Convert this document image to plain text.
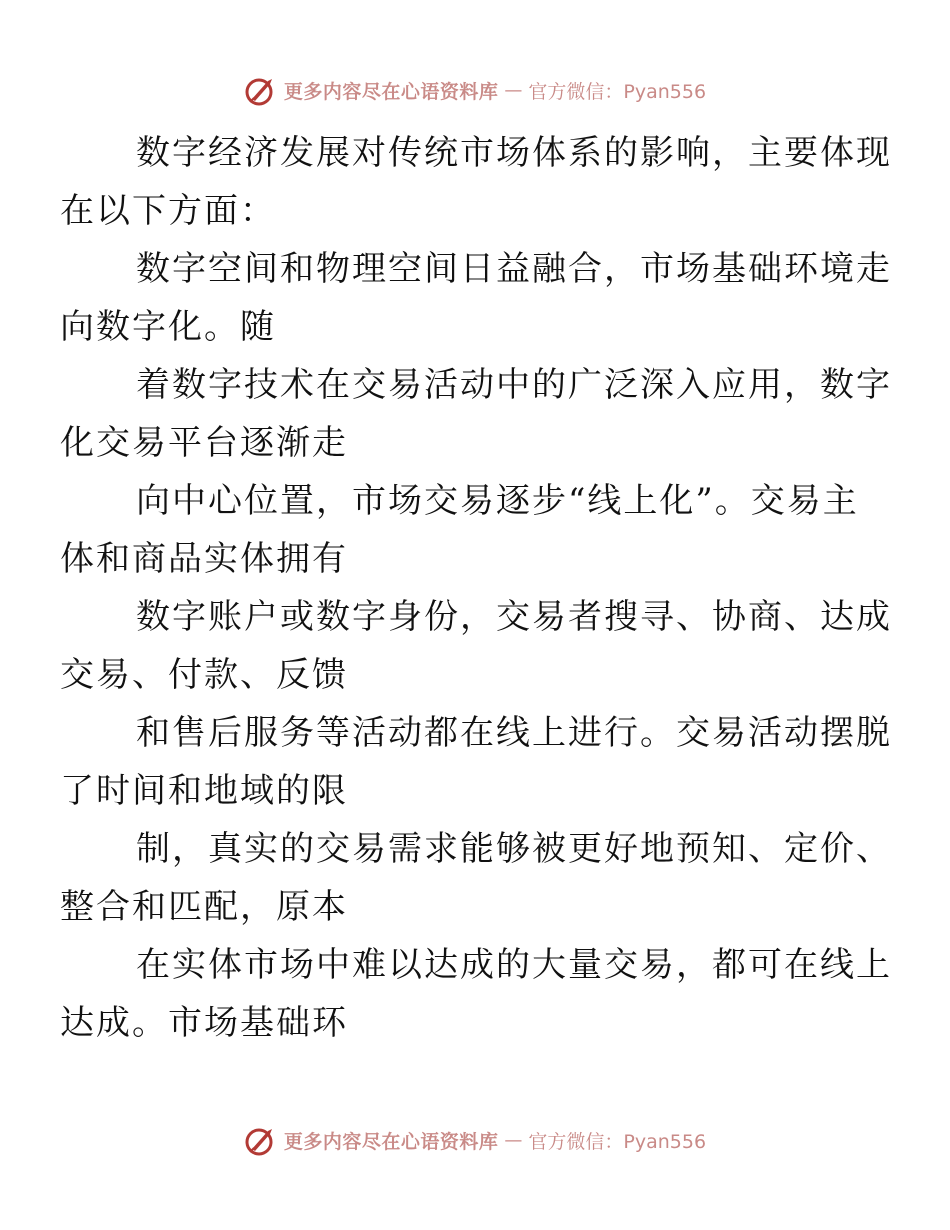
更多内容尽在心语资料库 — 官方微信：Pyan556

数字经济发展对传统市场体系的影响，主要体现
在以下方面：

数字空间和物理空间日益融合，市场基础环境走
向数字化。随

着数字技术在交易活动中的广泛深入应用，数字
化交易平台逐渐走

向中心位置，市场交易逐步“线上化”。交易主
体和商品实体拥有

数字账户或数字身份，交易者搜寻、协商、达成
交易、付款、反馈

和售后服务等活动都在线上进行。交易活动摆脱
了时间和地域的限

制，真实的交易需求能够被更好地预知、定价、
整合和匹配，原本

在实体市场中难以达成的大量交易，都可在线上
达成。市场基础环

更多内容尽在心语资料库 — 官方微信：Pyan556
